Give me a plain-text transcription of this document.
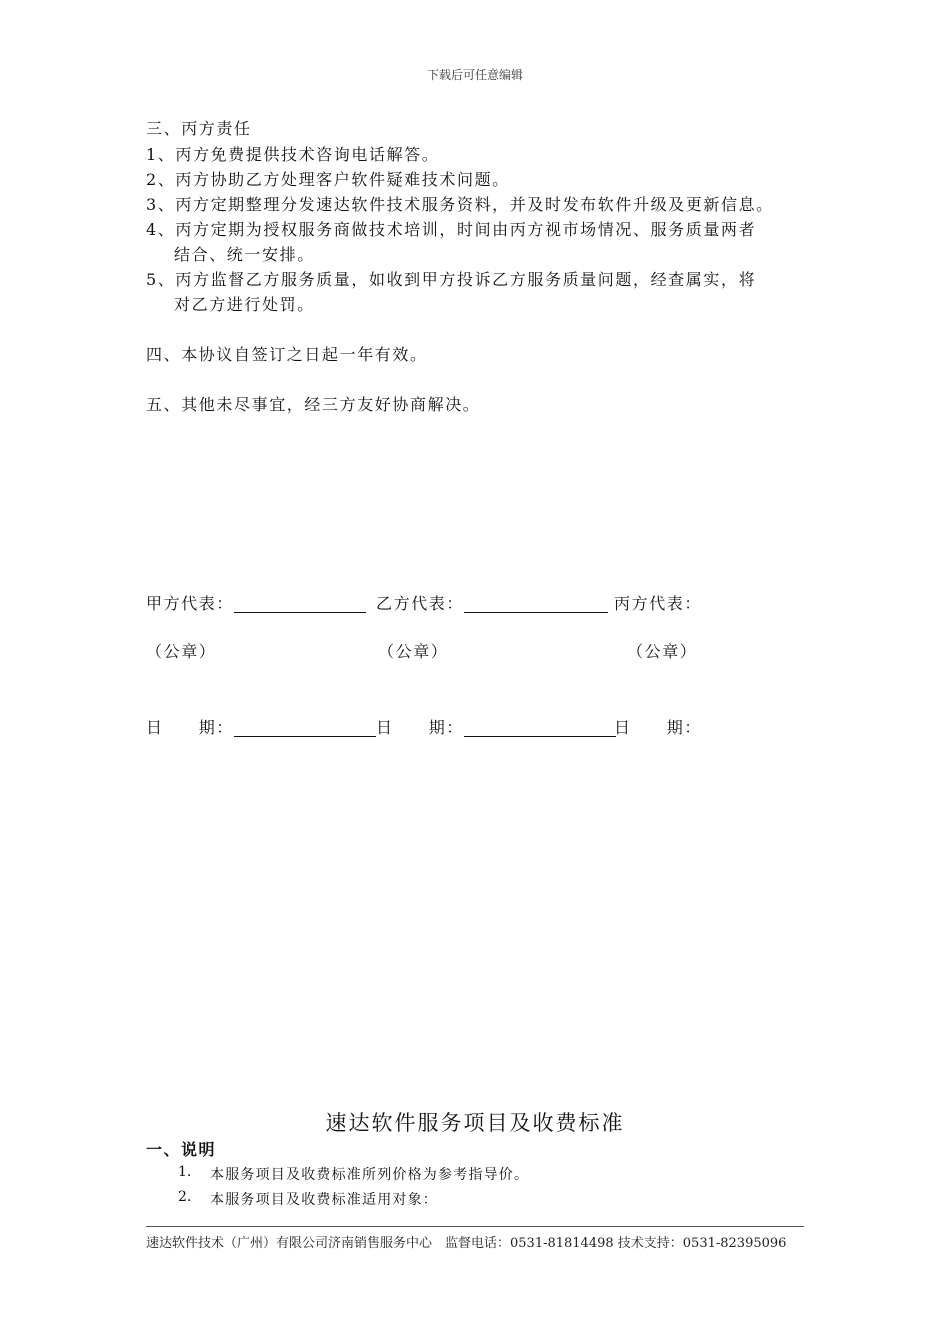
下载后可任意编辑
三、丙方责任
1、丙方免费提供技术咨询电话解答。
2、丙方协助乙方处理客户软件疑难技术问题。
3、丙方定期整理分发速达软件技术服务资料，并及时发布软件升级及更新信息。
4、丙方定期为授权服务商做技术培训，时间由丙方视市场情况、服务质量两者
结合、统一安排。
5、丙方监督乙方服务质量，如收到甲方投诉乙方服务质量问题，经查属实，将
对乙方进行处罚。
四、本协议自签订之日起一年有效。
五、其他未尽事宜，经三方友好协商解决。
甲方代表：	乙方代表：	丙方代表：
（公章）	（公章）	（公章）
日　　期：	日　　期：	日　　期：
速达软件服务项目及收费标准
一、说明
1. 本服务项目及收费标准所列价格为参考指导价。
2. 本服务项目及收费标准适用对象：
速达软件技术（广州）有限公司济南销售服务中心　监督电话：0531-81814498 技术支持：0531-82395096
